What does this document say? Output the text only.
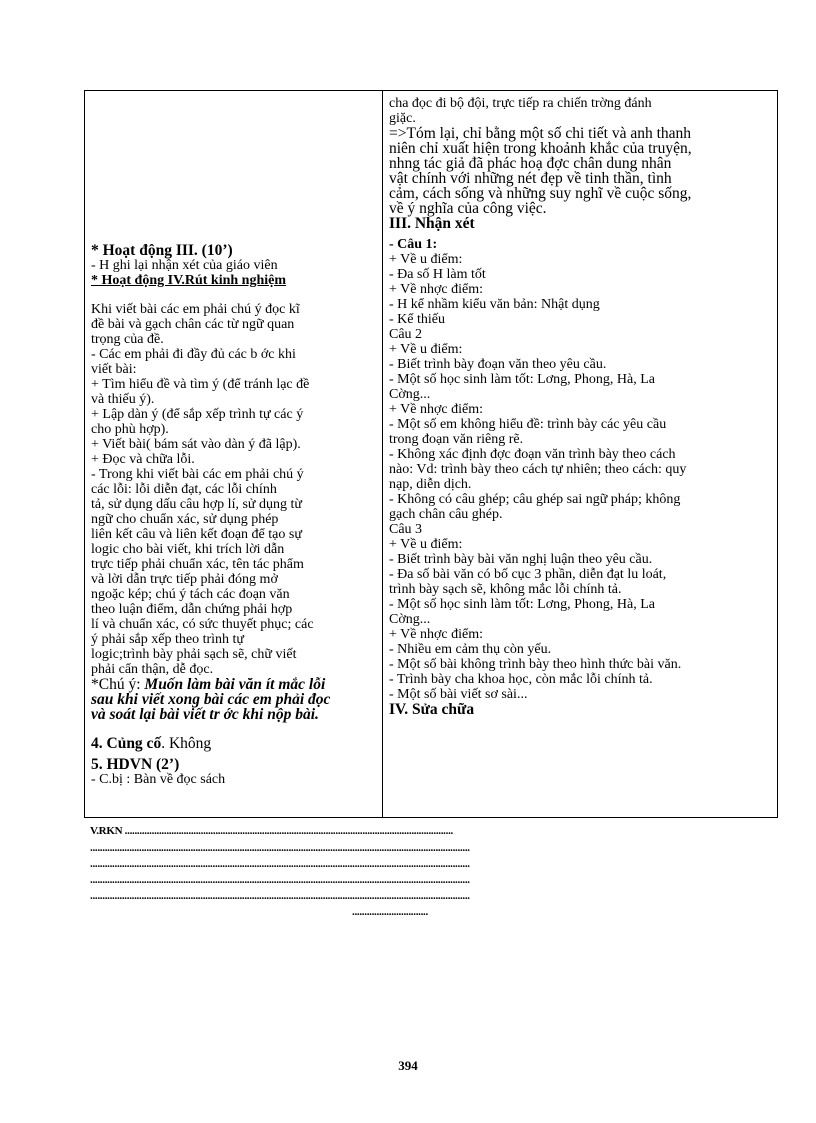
* Hoạt động III. (10’)

- H ghi lại nhận xét của giáo viên

* Hoạt động IV.Rút kinh nghiệm

Khi viết bài các em phải chú ý đọc kĩ

đề bài và gạch chân các từ ngữ quan

trọng của đề.

- Các em phải đi đầy đủ các b ớc khi

viết bài:

+ Tìm hiểu đề và tìm ý (để tránh lạc đề

và thiếu ý).

+ Lập dàn ý (để sắp xếp trình tự các ý

cho phù hợp).

+ Viết bài( bám sát vào dàn ý đã lập).

+ Đọc và chữa lỗi.

- Trong khi viết bài các em phải chú ý

các lỗi: lỗi diễn đạt, các lỗi chính

tả, sử dụng dấu câu hợp lí, sử dụng từ

ngữ cho chuẩn xác, sử dụng phép

liên kết câu và liên kết đoạn để tạo sự

logic cho bài viết, khi trích lời dẫn

trực tiếp phải chuẩn xác, tên tác phẩm

và lời dẫn trực tiếp phải đóng mở

ngoặc kép; chú ý tách các đoạn văn

theo luận điểm, dẫn chứng phải hợp

lí và chuẩn xác, có sức thuyết phục; các

ý phải sắp xếp theo trình tự

logic;trình bày phải sạch sẽ, chữ viết

phải cẩn thận, dễ đọc.

*Chú ý: Muốn làm bài văn ít mắc lỗi

sau khi viết xong bài các em phải đọc

và soát lại bài viết tr ớc khi nộp bài.

4. Củng cố. Không

5. HDVN (2’)

- C.bị : Bàn về đọc sách

cha đọc đi bộ đội, trực tiếp ra chiến trờng đánh

giặc.

=>Tóm lại, chỉ bằng một số chi tiết và anh thanh

niên chỉ xuất hiện trong khoảnh khắc của truyện,

nhng tác giả đã phác hoạ đợc chân dung nhân

vật chính với những nét đẹp về tinh thần, tình

cảm, cách sống và những suy nghĩ về cuộc sống,

về ý nghĩa của công việc.

III. Nhận xét

- Câu 1:

+ Về u điểm:

- Đa số H làm tốt

+ Về nhợc điểm:

- H kể nhầm kiểu văn bản: Nhật dụng

- Kể thiếu

Câu 2

+ Về u điểm:

- Biết trình bày đoạn văn theo yêu cầu.

- Một số học sinh làm tốt: Lơng, Phong, Hà, La

Cờng...

+ Về nhợc điểm:

- Một số em không hiểu đề: trình bày các yêu cầu

trong đoạn văn riêng rẽ.

- Không xác định đợc đoạn văn trình bày theo cách

nào: Vd: trình bày theo cách tự nhiên; theo cách: quy

nạp, diễn dịch.

- Không có câu ghép; câu ghép sai ngữ pháp; không

gạch chân câu ghép.

Câu 3

+ Về u điểm:

- Biết trình bày bài văn nghị luận theo yêu cầu.

- Đa số bài văn có bố cục 3 phần, diễn đạt lu loát,

trình bày sạch sẽ, không mắc lỗi chính tả.

- Một số học sinh làm tốt: Lơng, Phong, Hà, La

Cờng...

+ Về nhợc điểm:

- Nhiều em cảm thụ còn yếu.

- Một số bài không trình bày theo hình thức bài văn.

- Trình bày cha khoa học, còn mắc lỗi chính tả.

- Một số bài viết sơ sài...

IV. Sửa chữa

V.RKN ......................................................................................................................................
...........................................................................................................................................................
...........................................................................................................................................................
...........................................................................................................................................................
...........................................................................................................................................................
...............................
394
